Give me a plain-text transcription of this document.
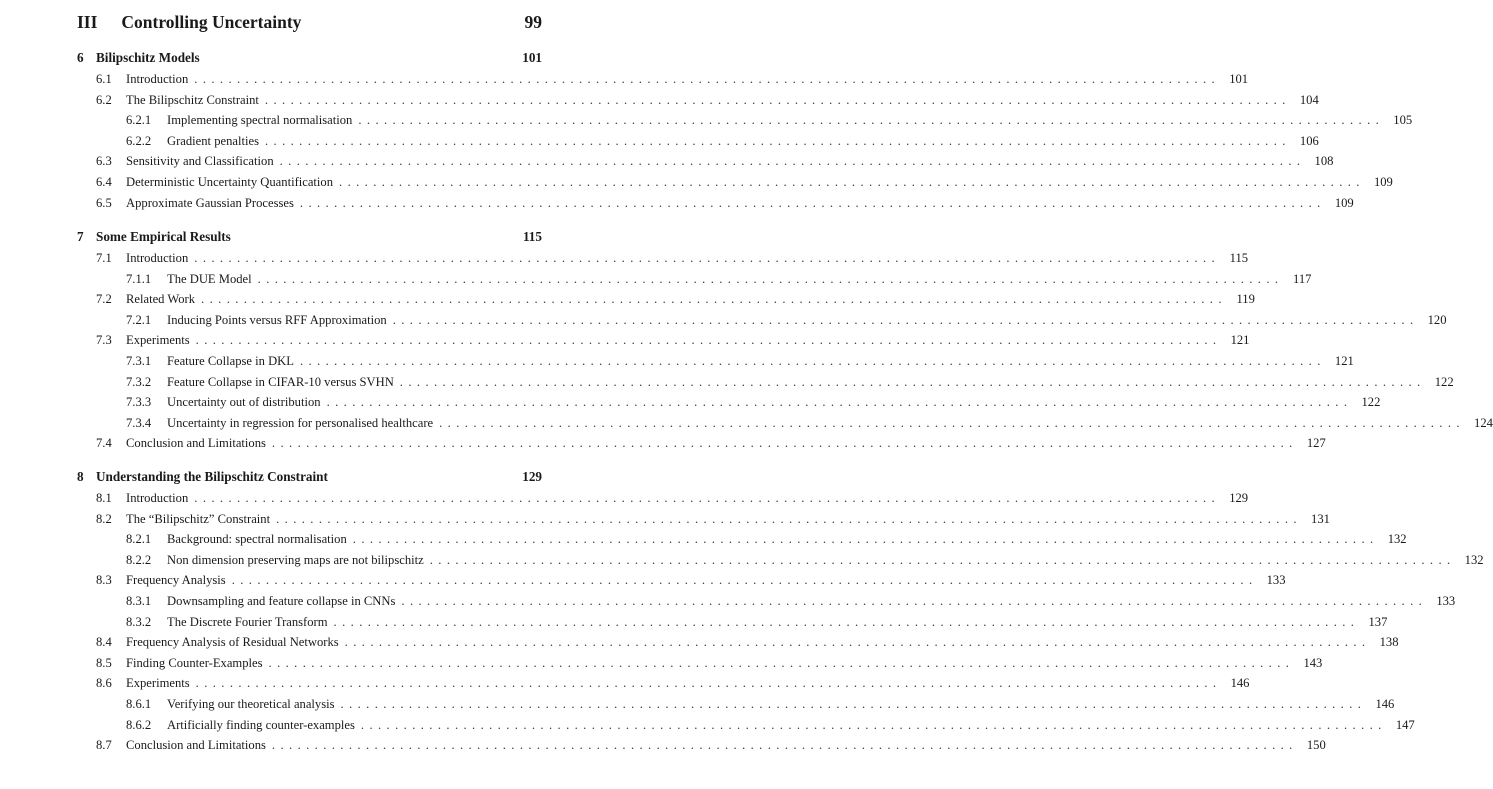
III Controlling Uncertainty	99
6 Bilipschitz Models	101
6.1	Introduction ........................................................................................................................ 101
6.2	The Bilipschitz Constraint ........................................................................................................................ 104
6.2.1	Implementing spectral normalisation ........................................................................................................................ 105
6.2.2	Gradient penalties ........................................................................................................................ 106
6.3	Sensitivity and Classification ........................................................................................................................ 108
6.4	Deterministic Uncertainty Quantification ........................................................................................................................ 109
6.5	Approximate Gaussian Processes ........................................................................................................................ 109
7 Some Empirical Results	115
7.1	Introduction ........................................................................................................................ 115
7.1.1	The DUE Model ........................................................................................................................ 117
7.2	Related Work ........................................................................................................................ 119
7.2.1	Inducing Points versus RFF Approximation ........................................................................................................................ 120
7.3	Experiments ........................................................................................................................ 121
7.3.1	Feature Collapse in DKL ........................................................................................................................ 121
7.3.2	Feature Collapse in CIFAR-10 versus SVHN ........................................................................................................................ 122
7.3.3	Uncertainty out of distribution ........................................................................................................................ 122
7.3.4	Uncertainty in regression for personalised healthcare ........................................................................................................................ 124
7.4	Conclusion and Limitations ........................................................................................................................ 127
8 Understanding the Bilipschitz Constraint	129
8.1	Introduction ........................................................................................................................ 129
8.2	The “Bilipschitz” Constraint ........................................................................................................................ 131
8.2.1	Background: spectral normalisation ........................................................................................................................ 132
8.2.2	Non dimension preserving maps are not bilipschitz ........................................................................................................................ 132
8.3	Frequency Analysis ........................................................................................................................ 133
8.3.1	Downsampling and feature collapse in CNNs ........................................................................................................................ 133
8.3.2	The Discrete Fourier Transform ........................................................................................................................ 137
8.4	Frequency Analysis of Residual Networks ........................................................................................................................ 138
8.5	Finding Counter-Examples ........................................................................................................................ 143
8.6	Experiments ........................................................................................................................ 146
8.6.1	Verifying our theoretical analysis ........................................................................................................................ 146
8.6.2	Artificially finding counter-examples ........................................................................................................................ 147
8.7	Conclusion and Limitations ........................................................................................................................ 150
